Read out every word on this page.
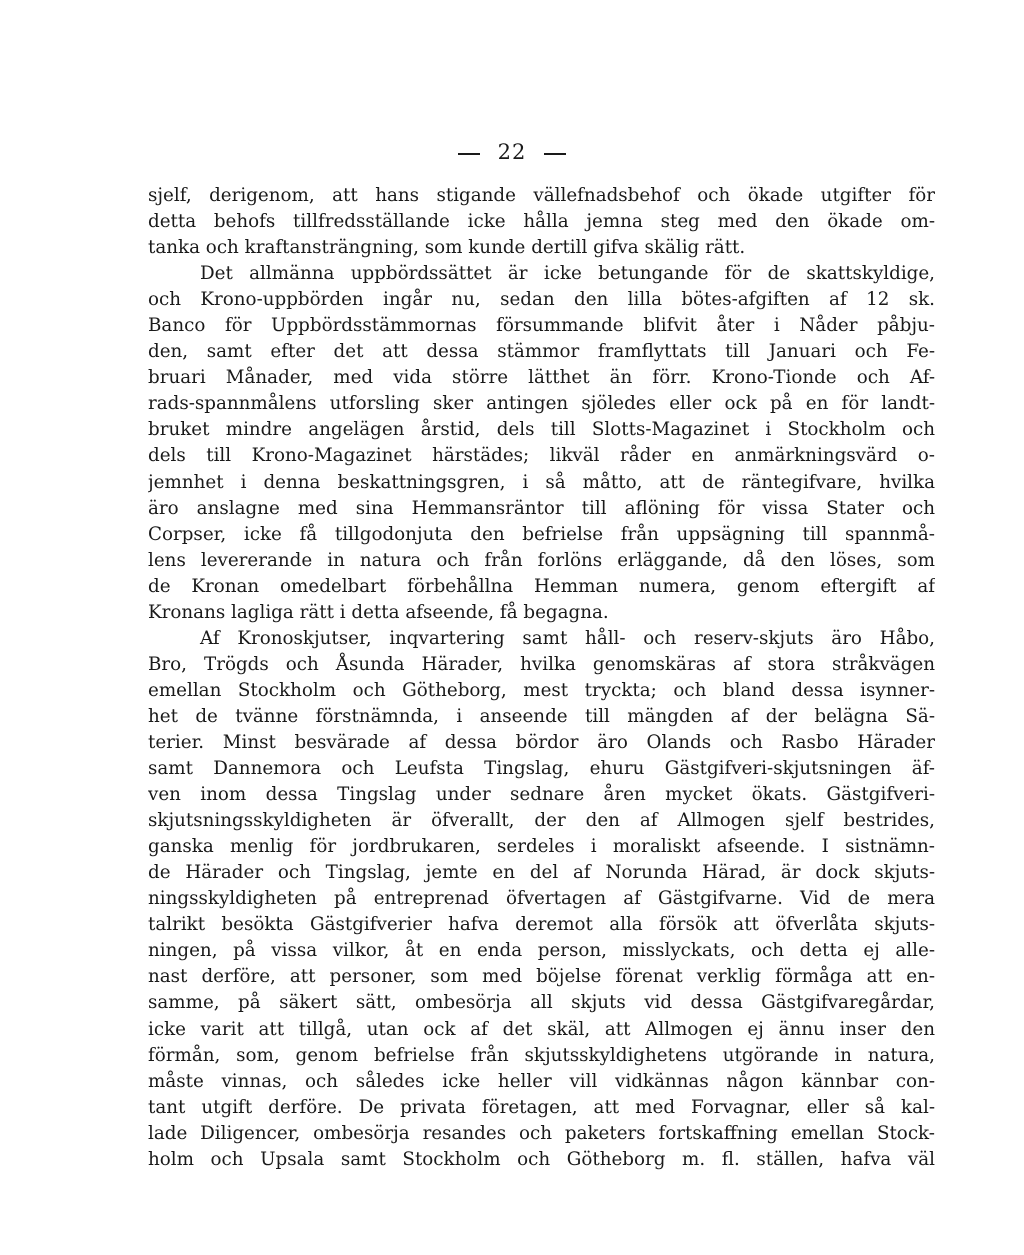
22
sjelf, derigenom, att hans stigande vällefnadsbehof och ökade utgifter för
detta behofs tillfredsställande icke hålla jemna steg med den ökade om-
tanka och kraftansträngning, som kunde dertill gifva skälig rätt.
Det allmänna uppbördssättet är icke betungande för de skattskyldige,
och Krono-uppbörden ingår nu, sedan den lilla bötes-afgiften af 12 sk.
Banco för Uppbördsstämmornas försummande blifvit åter i Nåder påbju-
den, samt efter det att dessa stämmor framflyttats till Januari och Fe-
bruari Månader, med vida större lätthet än förr. Krono-Tionde och Af-
rads-spannmålens utforsling sker antingen sjöledes eller ock på en för landt-
bruket mindre angelägen årstid, dels till Slotts-Magazinet i Stockholm och
dels till Krono-Magazinet härstädes; likväl råder en anmärkningsvärd o-
jemnhet i denna beskattningsgren, i så måtto, att de räntegifvare, hvilka
äro anslagne med sina Hemmansräntor till aflöning för vissa Stater och
Corpser, icke få tillgodonjuta den befrielse från uppsägning till spannmå-
lens levererande in natura och från forlöns erläggande, då den löses, som
de Kronan omedelbart förbehållna Hemman numera, genom eftergift af
Kronans lagliga rätt i detta afseende, få begagna.
Af Kronoskjutser, inqvartering samt håll- och reserv-skjuts äro Håbo,
Bro, Trögds och Åsunda Härader, hvilka genomskäras af stora stråkvägen
emellan Stockholm och Götheborg, mest tryckta; och bland dessa isynner-
het de tvänne förstnämnda, i anseende till mängden af der belägna Sä-
terier. Minst besvärade af dessa bördor äro Olands och Rasbo Härader
samt Dannemora och Leufsta Tingslag, ehuru Gästgifveri-skjutsningen äf-
ven inom dessa Tingslag under sednare åren mycket ökats. Gästgifveri-
skjutsningsskyldigheten är öfverallt, der den af Allmogen sjelf bestrides,
ganska menlig för jordbrukaren, serdeles i moraliskt afseende. I sistnämn-
de Härader och Tingslag, jemte en del af Norunda Härad, är dock skjuts-
ningsskyldigheten på entreprenad öfvertagen af Gästgifvarne. Vid de mera
talrikt besökta Gästgifverier hafva deremot alla försök att öfverlåta skjuts-
ningen, på vissa vilkor, åt en enda person, misslyckats, och detta ej alle-
nast derföre, att personer, som med böjelse förenat verklig förmåga att en-
samme, på säkert sätt, ombesörja all skjuts vid dessa Gästgifvaregårdar,
icke varit att tillgå, utan ock af det skäl, att Allmogen ej ännu inser den
förmån, som, genom befrielse från skjutsskyldighetens utgörande in natura,
måste vinnas, och således icke heller vill vidkännas någon kännbar con-
tant utgift derföre. De privata företagen, att med Forvagnar, eller så kal-
lade Diligencer, ombesörja resandes och paketers fortskaffning emellan Stock-
holm och Upsala samt Stockholm och Götheborg m. fl. ställen, hafva väl
